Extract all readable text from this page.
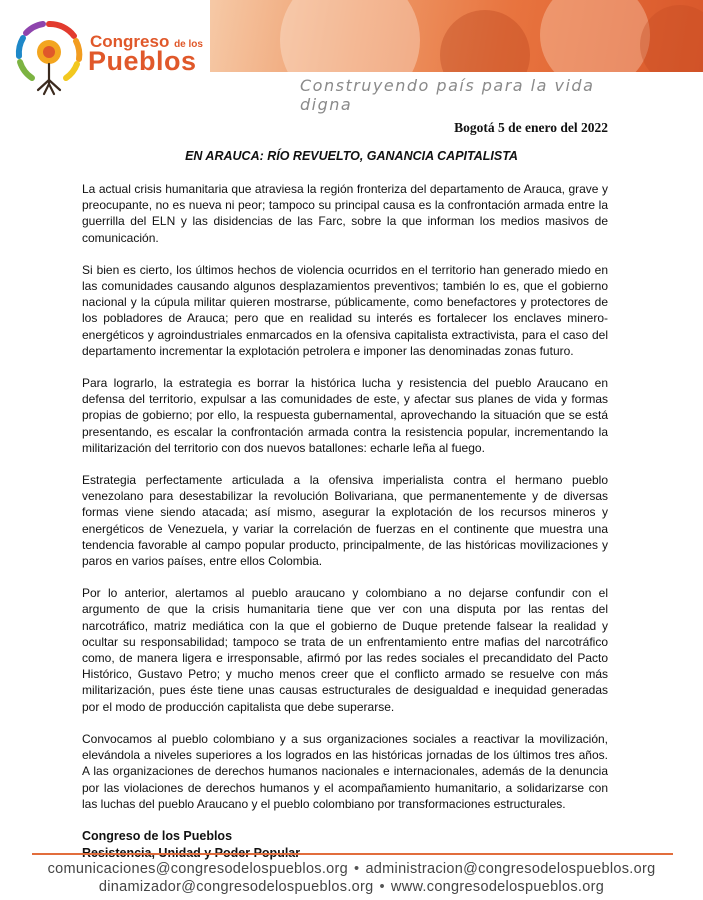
Congreso de los
Pueblos
Construyendo país para la vida digna
Bogotá 5 de enero del 2022
EN ARAUCA: RÍO REVUELTO, GANANCIA CAPITALISTA

La actual crisis humanitaria que atraviesa la región fronteriza del departamento de Arauca, grave y preocupante, no es nueva ni peor; tampoco su principal causa es la confrontación armada entre la guerrilla del ELN y las disidencias de las Farc, sobre la que informan los medios masivos de comunicación.

Si bien es cierto, los últimos hechos de violencia ocurridos en el territorio han generado miedo en las comunidades causando algunos desplazamientos preventivos; también lo es, que el gobierno nacional y la cúpula militar quieren mostrarse, públicamente, como benefactores y protectores de los pobladores de Arauca; pero que en realidad su interés es fortalecer los enclaves minero-energéticos y agroindustriales enmarcados en la ofensiva capitalista extractivista, para el caso del departamento incrementar la explotación petrolera e imponer las denominadas zonas futuro.

Para lograrlo, la estrategia es borrar la histórica lucha y resistencia del pueblo Araucano en defensa del territorio, expulsar a las comunidades de este, y afectar sus planes de vida y formas propias de gobierno; por ello, la respuesta gubernamental, aprovechando la situación que se está presentando, es escalar la confrontación armada contra la resistencia popular, incrementando la militarización del territorio con dos nuevos batallones: echarle leña al fuego.

Estrategia perfectamente articulada a la ofensiva imperialista contra el hermano pueblo venezolano para desestabilizar la revolución Bolivariana, que permanentemente y de diversas formas viene siendo atacada; así mismo, asegurar la explotación de los recursos mineros y energéticos de Venezuela, y variar la correlación de fuerzas en el continente que muestra una tendencia favorable al campo popular producto, principalmente, de las históricas movilizaciones y paros en varios países, entre ellos Colombia.

Por lo anterior, alertamos al pueblo araucano y colombiano a no dejarse confundir con el argumento de que la crisis humanitaria tiene que ver con una disputa por las rentas del narcotráfico, matriz mediática con la que el gobierno de Duque pretende falsear la realidad y ocultar su responsabilidad; tampoco se trata de un enfrentamiento entre mafias del narcotráfico como, de manera ligera e irresponsable, afirmó por las redes sociales el precandidato del Pacto Histórico, Gustavo Petro; y mucho menos creer que el conflicto armado se resuelve con más militarización, pues éste tiene unas causas estructurales de desigualdad e inequidad generadas por el modo de producción capitalista que debe superarse.

Convocamos al pueblo colombiano y a sus organizaciones sociales a reactivar la movilización, elevándola a niveles superiores a los logrados en las históricas jornadas de los últimos tres años. A las organizaciones de derechos humanos nacionales e internacionales, además de la denuncia por las violaciones de derechos humanos y el acompañamiento humanitario, a solidarizarse con las luchas del pueblo Araucano y el pueblo colombiano por transformaciones estructurales.

Congreso de los Pueblos
comunicaciones@congresodelospueblos.org • administracion@congresodelospueblos.org
dinamizador@congresodelospueblos.org • www.congresodelospueblos.org
